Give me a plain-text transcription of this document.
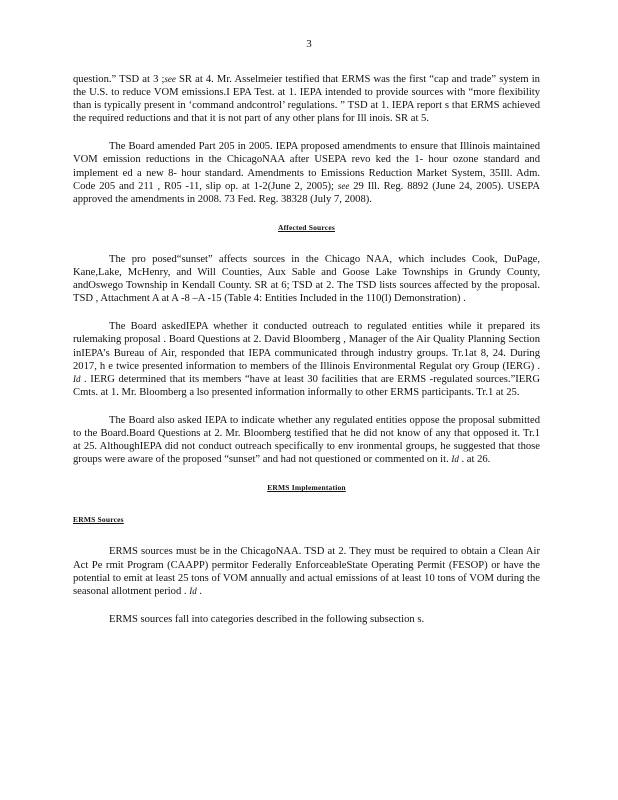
3

question.” TSD at 3 ;see SR at 4. Mr. Asselmeier testified that ERMS was the first “cap and trade” system in the U.S. to reduce VOM emissions.I EPA Test. at 1. IEPA intended to provide sources with “more flexibility than is typically present in ‘command andcontrol’ regulations. ” TSD at 1. IEPA report s that ERMS achieved the required reductions and that it is not part of any other plans for Ill inois. SR at 5.

The Board amended Part 205 in 2005. IEPA proposed amendments to ensure that Illinois maintained VOM emission reductions in the ChicagoNAA after USEPA revo ked the 1- hour ozone standard and implement ed a new 8- hour standard. Amendments to Emissions Reduction Market System, 35Ill. Adm. Code 205 and 211 , R05 -11, slip op. at 1-2(June 2, 2005); see 29 Ill. Reg. 8892 (June 24, 2005). USEPA approved the amendments in 2008. 73 Fed. Reg. 38328 (July 7, 2008).

Affected Sources

The pro posed“sunset” affects sources in the Chicago NAA, which includes Cook, DuPage, Kane,Lake, McHenry, and Will Counties, Aux Sable and Goose Lake Townships in Grundy County, andOswego Township in Kendall County. SR at 6; TSD at 2. The TSD lists sources affected by the proposal. TSD , Attachment A at A -8 –A -15 (Table 4: Entities Included in the 110(l) Demonstration) .

The Board askedIEPA whether it conducted outreach to regulated entities while it prepared its rulemaking proposal . Board Questions at 2. David Bloomberg , Manager of the Air Quality Planning Section inIEPA’s Bureau of Air, responded that IEPA communicated through industry groups. Tr.1at 8, 24. During 2017, h e twice presented information to members of the Illinois Environmental Regulat ory Group (IERG) . Id . IERG determined that its members “have at least 30 facilities that are ERMS -regulated sources.”IERG Cmts. at 1. Mr. Bloomberg a lso presented information informally to other ERMS participants. Tr.1 at 25.

The Board also asked IEPA to indicate whether any regulated entities oppose the proposal submitted to the Board.Board Questions at 2. Mr. Bloomberg testified that he did not know of any that opposed it. Tr.1 at 25. AlthoughIEPA did not conduct outreach specifically to env ironmental groups, he suggested that those groups were aware of the proposed “sunset” and had not questioned or commented on it. Id . at 26.

ERMS Implementation
ERMS Sources

ERMS sources must be in the ChicagoNAA. TSD at 2. They must be required to obtain a Clean Air Act Pe rmit Program (CAAPP) permitor Federally EnforceableState Operating Permit (FESOP) or have the potential to emit at least 25 tons of VOM annually and actual emissions of at least 10 tons of VOM during the seasonal allotment period . Id .

ERMS sources fall into categories described in the following subsection s.
